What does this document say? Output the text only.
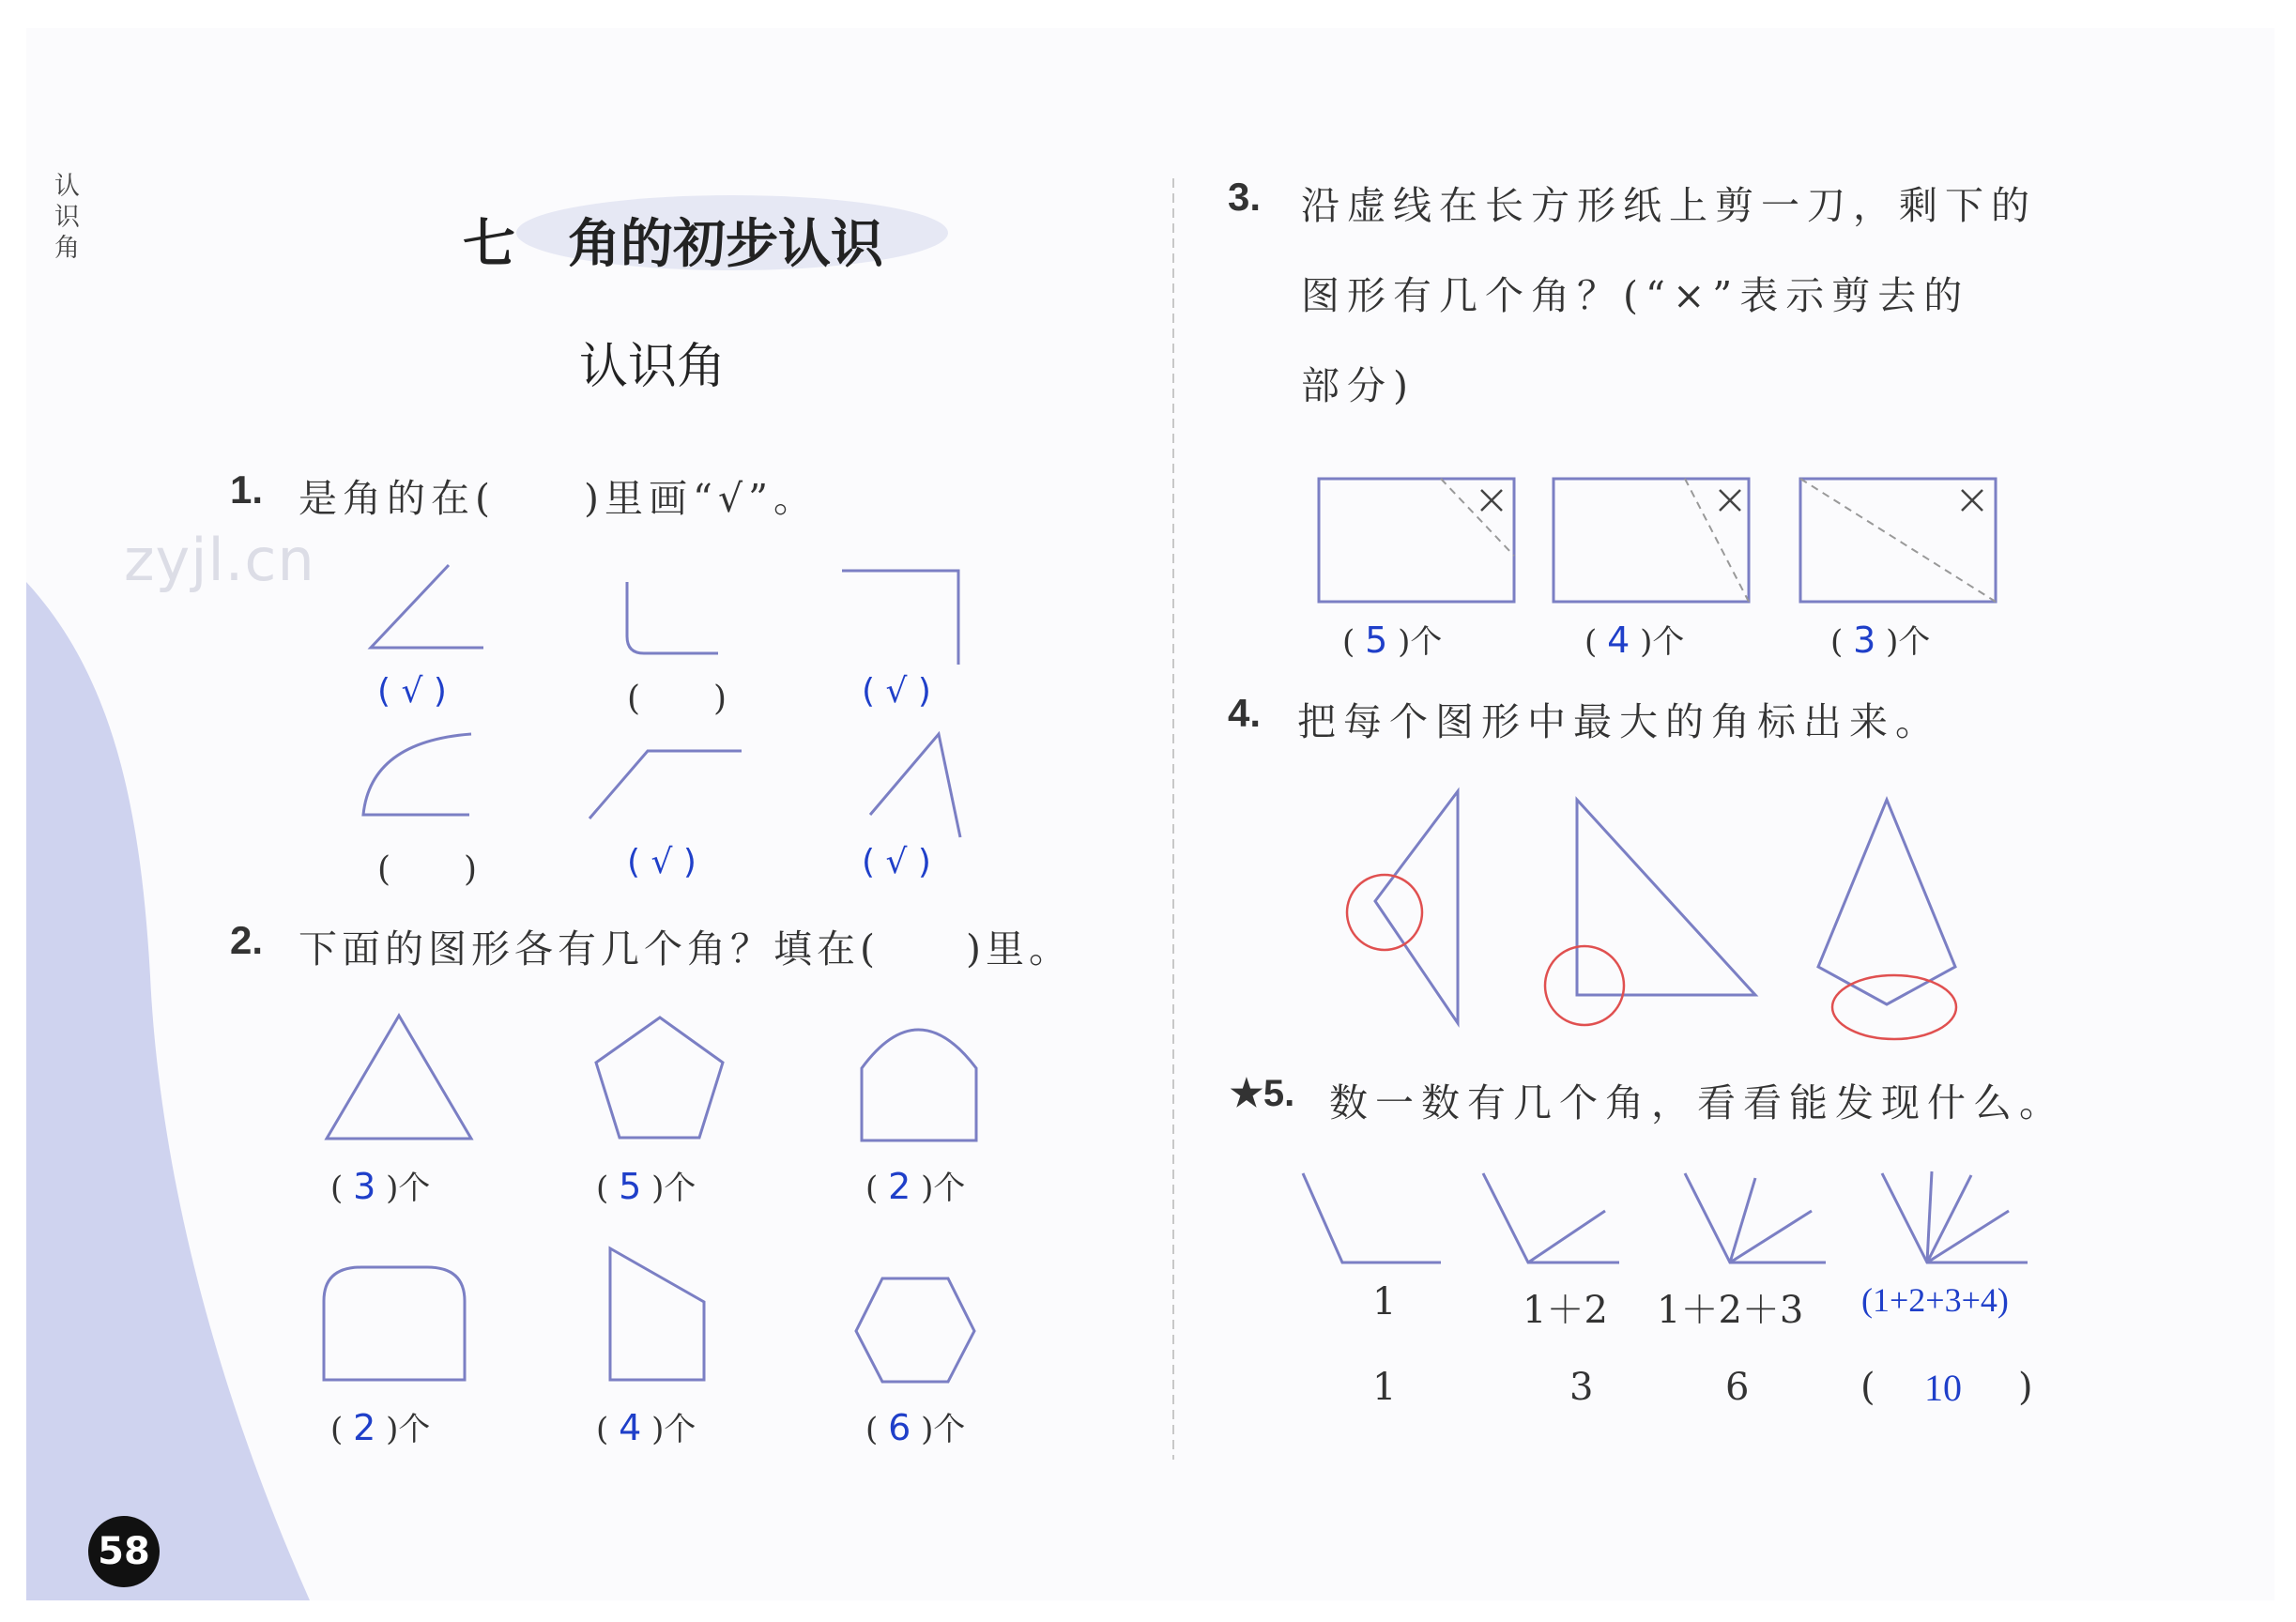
认识角
zyjl.cn
七　角的初步认识
认识角
1. 是角的在(　　)里画“√”。
( √ )	(　　)	( √ )
(　　)	( √ )	( √ )
2. 下面的图形各有几个角？填在(　　)里。
( 3 )个	( 5 )个	( 2 )个
( 2 )个	( 4 )个	( 6 )个
3. 沿虚线在长方形纸上剪一刀，剩下的
图形有几个角？(“×”表示剪去的
部分)
( 5 )个	( 4 )个	( 3 )个
4. 把每个图形中最大的角标出来。
★5. 数一数有几个角，看看能发现什么。
1	1＋2 1＋2＋3 (1+2+3+4)
1	3	6	( 10 )
58
